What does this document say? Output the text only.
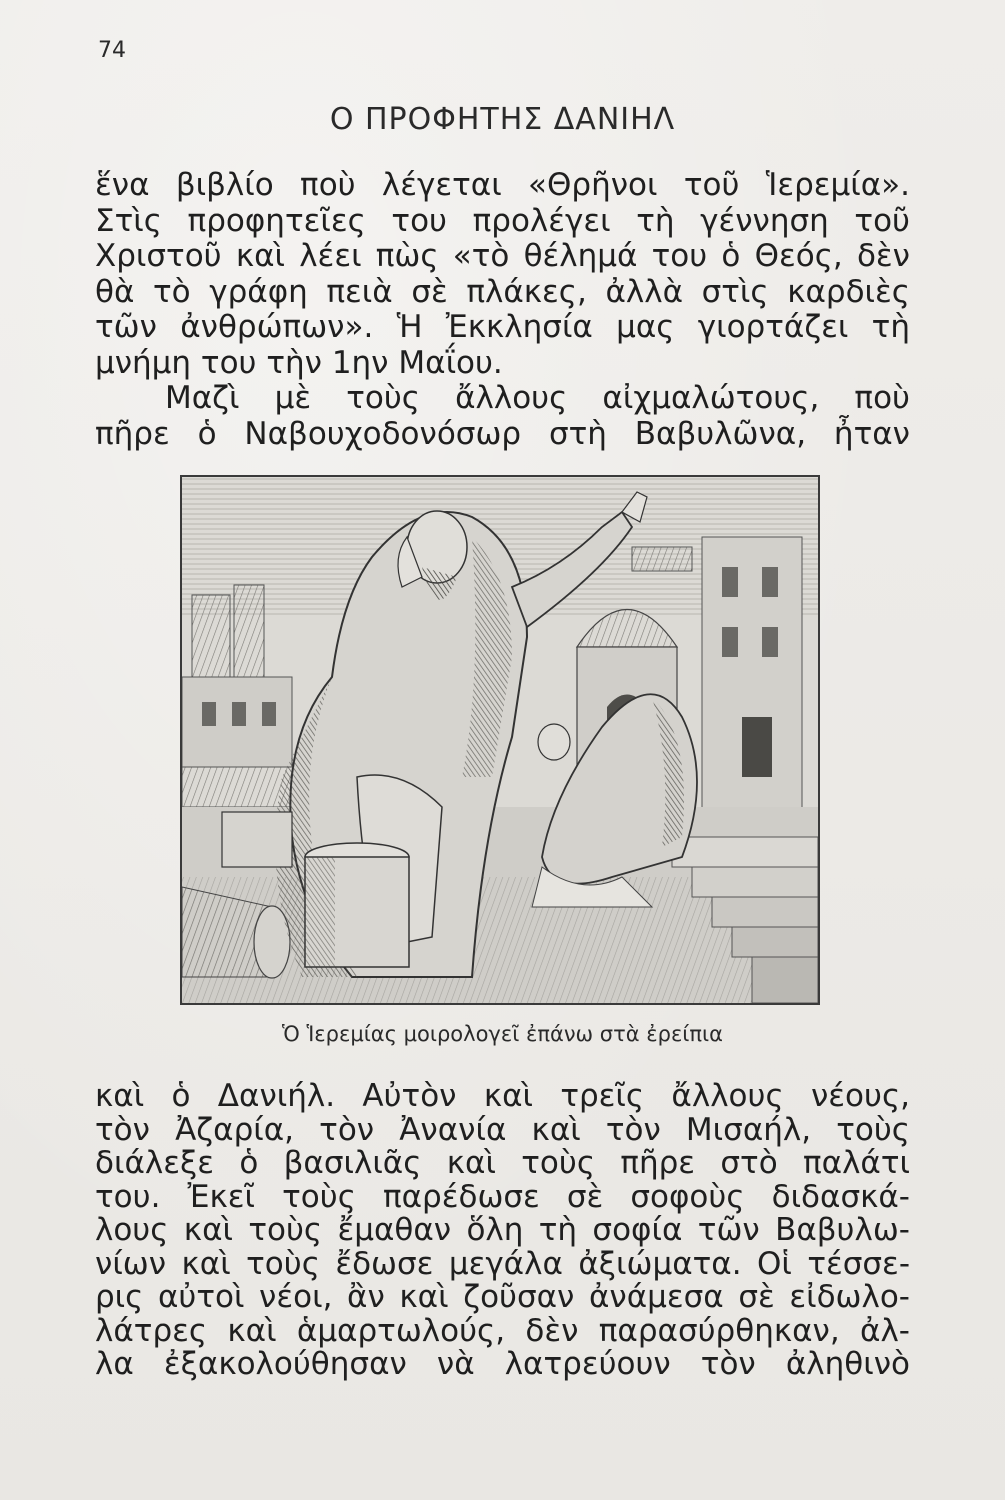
74
Ο ΠΡΟΦΗΤΗΣ ΔΑΝΙΗΛ
ἕνα βιβλίο ποὺ λέγεται «Θρῆνοι τοῦ Ἱερεμία».
Στὶς προφητεῖες του προλέγει τὴ γέννηση τοῦ
Χριστοῦ καὶ λέει πὼς «τὸ θέλημά του ὁ Θεός, δὲν
θὰ τὸ γράφη πειὰ σὲ πλάκες, ἀλλὰ στὶς καρδιὲς
τῶν ἀνθρώπων». Ἡ Ἐκκλησία μας γιορτάζει τὴ
μνήμη του τὴν 1ην Μαΐου.
Μαζὶ μὲ τοὺς ἄλλους αἰχμαλώτους, ποὺ
πῆρε ὁ Ναβουχοδονόσωρ στὴ Βαβυλῶνα, ἦταν
Ὁ Ἱερεμίας μοιρολογεῖ ἐπάνω στὰ ἐρείπια
καὶ ὁ Δανιήλ. Αὐτὸν καὶ τρεῖς ἄλλους νέους,
τὸν Ἀζαρία, τὸν Ἀνανία καὶ τὸν Μισαήλ, τοὺς
διάλεξε ὁ βασιλιᾶς καὶ τοὺς πῆρε στὸ παλάτι
του. Ἐκεῖ τοὺς παρέδωσε σὲ σοφοὺς διδασκά-
λους καὶ τοὺς ἔμαθαν ὅλη τὴ σοφία τῶν Βαβυλω-
νίων καὶ τοὺς ἔδωσε μεγάλα ἀξιώματα. Οἱ τέσσε-
ρις αὐτοὶ νέοι, ἂν καὶ ζοῦσαν ἀνάμεσα σὲ εἰδωλο-
λάτρες καὶ ἁμαρτωλούς, δὲν παρασύρθηκαν, ἀλ-
λα ἐξακολούθησαν νὰ λατρεύουν τὸν ἀληθινὸ
